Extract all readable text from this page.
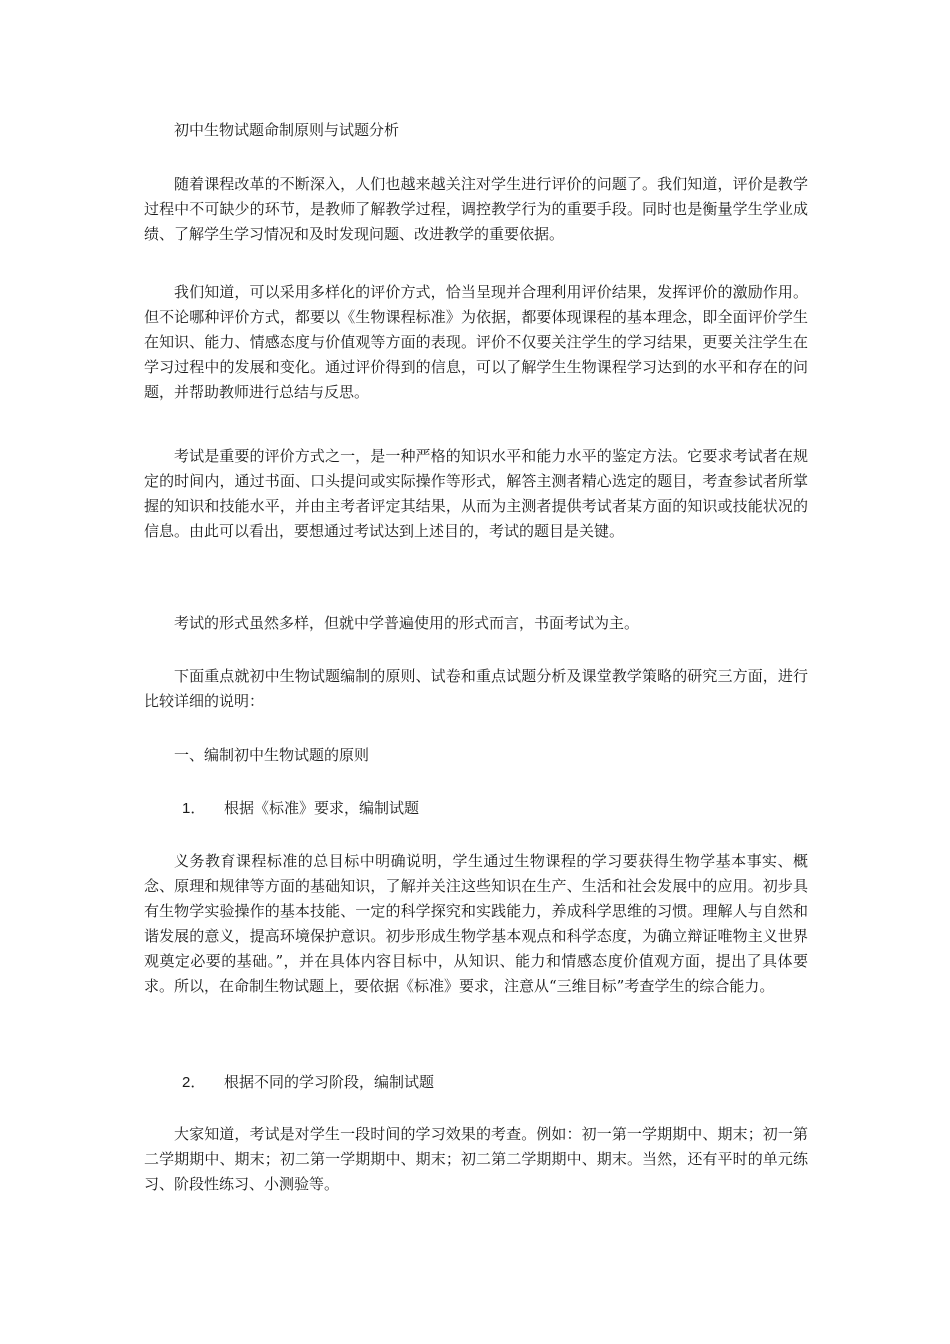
初中生物试题命制原则与试题分析

随着课程改革的不断深入，人们也越来越关注对学生进行评价的问题了。我们知道，评价是教学过程中不可缺少的环节，是教师了解教学过程，调控教学行为的重要手段。同时也是衡量学生学业成绩、了解学生学习情况和及时发现问题、改进教学的重要依据。

我们知道，可以采用多样化的评价方式，恰当呈现并合理利用评价结果，发挥评价的激励作用。但不论哪种评价方式，都要以《生物课程标准》为依据，都要体现课程的基本理念，即全面评价学生在知识、能力、情感态度与价值观等方面的表现。评价不仅要关注学生的学习结果，更要关注学生在学习过程中的发展和变化。通过评价得到的信息，可以了解学生生物课程学习达到的水平和存在的问题，并帮助教师进行总结与反思。

考试是重要的评价方式之一，是一种严格的知识水平和能力水平的鉴定方法。它要求考试者在规定的时间内，通过书面、口头提问或实际操作等形式，解答主测者精心选定的题目，考查参试者所掌握的知识和技能水平，并由主考者评定其结果，从而为主测者提供考试者某方面的知识或技能状况的信息。由此可以看出，要想通过考试达到上述目的，考试的题目是关键。

考试的形式虽然多样，但就中学普遍使用的形式而言，书面考试为主。

下面重点就初中生物试题编制的原则、试卷和重点试题分析及课堂教学策略的研究三方面，进行比较详细的说明：

一、编制初中生物试题的原则

1． 根据《标准》要求，编制试题

义务教育课程标准的总目标中明确说明，学生通过生物课程的学习要获得生物学基本事实、概念、原理和规律等方面的基础知识，了解并关注这些知识在生产、生活和社会发展中的应用。初步具有生物学实验操作的基本技能、一定的科学探究和实践能力，养成科学思维的习惯。理解人与自然和谐发展的意义，提高环境保护意识。初步形成生物学基本观点和科学态度，为确立辩证唯物主义世界观奠定必要的基础。”，并在具体内容目标中，从知识、能力和情感态度价值观方面，提出了具体要求。所以，在命制生物试题上，要依据《标准》要求，注意从“三维目标”考查学生的综合能力。

2． 根据不同的学习阶段，编制试题

大家知道，考试是对学生一段时间的学习效果的考查。例如：初一第一学期期中、期末；初一第二学期期中、期末；初二第一学期期中、期末；初二第二学期期中、期末。当然，还有平时的单元练习、阶段性练习、小测验等。
